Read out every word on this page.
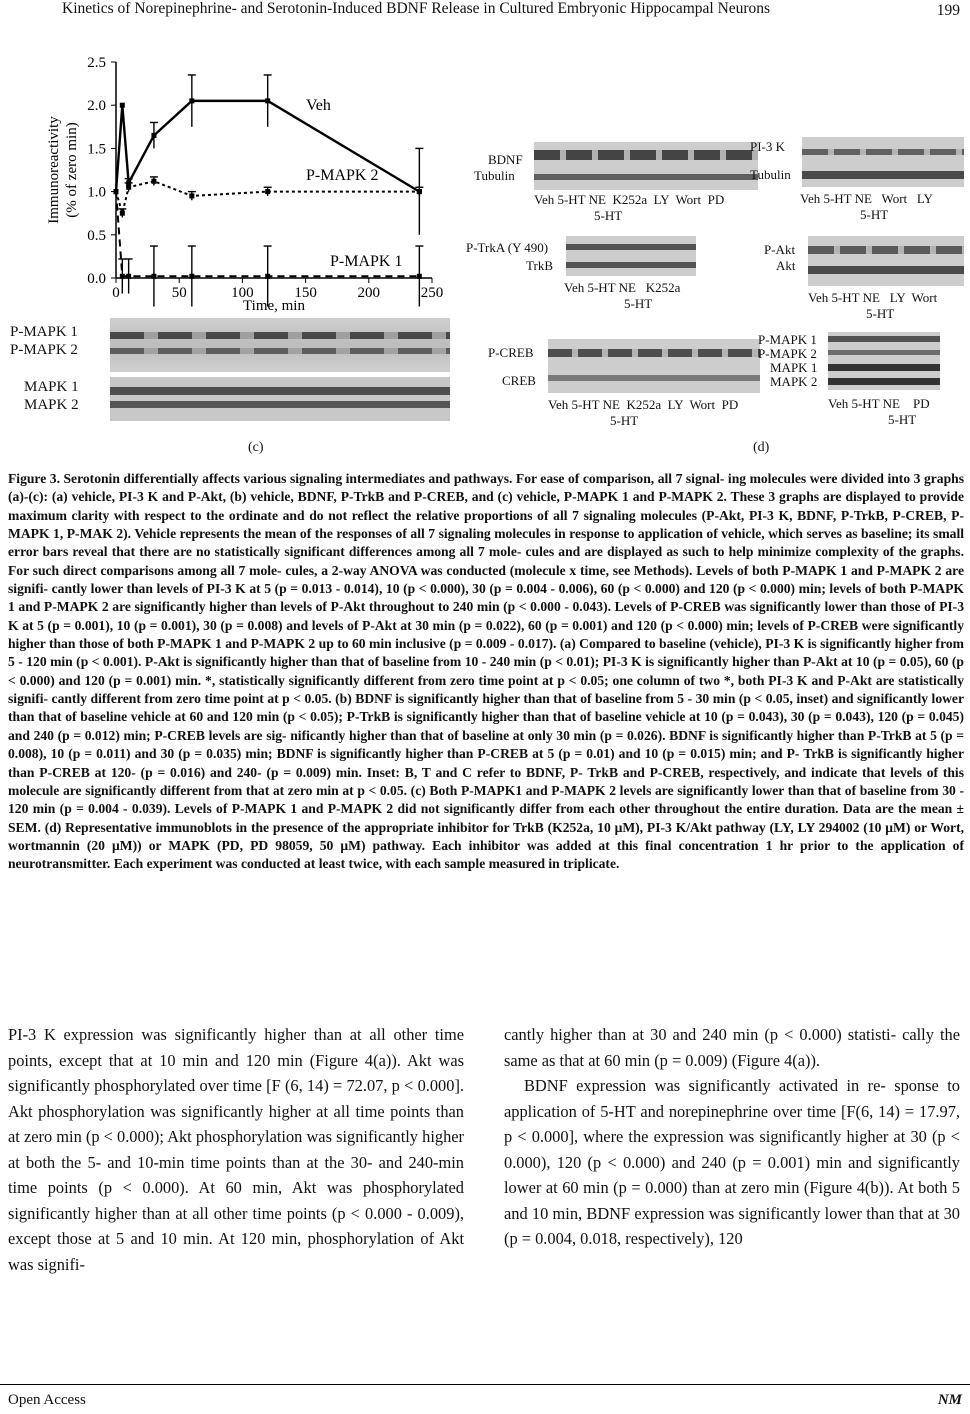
Kinetics of Norepinephrine- and Serotonin-Induced BDNF Release in Cultured Embryonic Hippocampal Neurons	199
0.0
0.5
1.0
1.5
2.0
2.5
0	50	100	150	200	250
Time, min
Immunoreactivity (% of zero min)
Veh
P-MAPK 2
P-MAPK 1
P-MAPK 1
P-MAPK 2
MAPK 1
MAPK 2
(c)
BDNF
Tubulin
Veh 5-HT NE  K252a  LY  Wort  PD
5-HT
PI-3 K
Tubulin
Veh 5-HT NE   Wort   LY
5-HT
P-TrkA (Y 490)
TrkB
Veh 5-HT NE   K252a
5-HT
P-Akt
Akt
Veh 5-HT NE   LY  Wort
5-HT
P-CREB
CREB
Veh 5-HT NE  K252a  LY  Wort  PD
5-HT
P-MAPK 1
P-MAPK 2
MAPK 1
MAPK 2
Veh 5-HT NE    PD
5-HT
(d)
Figure 3. Serotonin differentially affects various signaling intermediates and pathways. For ease of comparison, all 7 signal- ing molecules were divided into 3 graphs (a)-(c): (a) vehicle, PI-3 K and P-Akt, (b) vehicle, BDNF, P-TrkB and P-CREB, and (c) vehicle, P-MAPK 1 and P-MAPK 2. These 3 graphs are displayed to provide maximum clarity with respect to the ordinate and do not reflect the relative proportions of all 7 signaling molecules (P-Akt, PI-3 K, BDNF, P-TrkB, P-CREB, P-MAPK 1, P-MAK 2). Vehicle represents the mean of the responses of all 7 signaling molecules in response to application of vehicle, which serves as baseline; its small error bars reveal that there are no statistically significant differences among all 7 mole- cules and are displayed as such to help minimize complexity of the graphs. For such direct comparisons among all 7 mole- cules, a 2-way ANOVA was conducted (molecule x time, see Methods). Levels of both P-MAPK 1 and P-MAPK 2 are signifi- cantly lower than levels of PI-3 K at 5 (p = 0.013 - 0.014), 10 (p < 0.000), 30 (p = 0.004 - 0.006), 60 (p < 0.000) and 120 (p < 0.000) min; levels of both P-MAPK 1 and P-MAPK 2 are significantly higher than levels of P-Akt throughout to 240 min (p < 0.000 - 0.043). Levels of P-CREB was significantly lower than those of PI-3 K at 5 (p = 0.001), 10 (p = 0.001), 30 (p = 0.008) and levels of P-Akt at 30 min (p = 0.022), 60 (p = 0.001) and 120 (p < 0.000) min; levels of P-CREB were significantly higher than those of both P-MAPK 1 and P-MAPK 2 up to 60 min inclusive (p = 0.009 - 0.017). (a) Compared to baseline (vehicle), PI-3 K is significantly higher from 5 - 120 min (p < 0.001). P-Akt is significantly higher than that of baseline from 10 - 240 min (p < 0.01); PI-3 K is significantly higher than P-Akt at 10 (p = 0.05), 60 (p < 0.000) and 120 (p = 0.001) min. *, statistically significantly different from zero time point at p < 0.05; one column of two *, both PI-3 K and P-Akt are statistically signifi- cantly different from zero time point at p < 0.05. (b) BDNF is significantly higher than that of baseline from 5 - 30 min (p < 0.05, inset) and significantly lower than that of baseline vehicle at 60 and 120 min (p < 0.05); P-TrkB is significantly higher than that of baseline vehicle at 10 (p = 0.043), 30 (p = 0.043), 120 (p = 0.045) and 240 (p = 0.012) min; P-CREB levels are sig- nificantly higher than that of baseline at only 30 min (p = 0.026). BDNF is significantly higher than P-TrkB at 5 (p = 0.008), 10 (p = 0.011) and 30 (p = 0.035) min; BDNF is significantly higher than P-CREB at 5 (p = 0.01) and 10 (p = 0.015) min; and P- TrkB is significantly higher than P-CREB at 120- (p = 0.016) and 240- (p = 0.009) min. Inset: B, T and C refer to BDNF, P- TrkB and P-CREB, respectively, and indicate that levels of this molecule are significantly different from that at zero min at p < 0.05. (c) Both P-MAPK1 and P-MAPK 2 levels are significantly lower than that of baseline from 30 - 120 min (p = 0.004 - 0.039). Levels of P-MAPK 1 and P-MAPK 2 did not significantly differ from each other throughout the entire duration. Data are the mean ± SEM. (d) Representative immunoblots in the presence of the appropriate inhibitor for TrkB (K252a, 10 μM), PI-3 K/Akt pathway (LY, LY 294002 (10 μM) or Wort, wortmannin (20 μM)) or MAPK (PD, PD 98059, 50 μM) pathway. Each inhibitor was added at this final concentration 1 hr prior to the application of neurotransmitter. Each experiment was conducted at least twice, with each sample measured in triplicate.

PI-3 K expression was significantly higher than at all other time points, except that at 10 min and 120 min (Figure 4(a)). Akt was significantly phosphorylated over time [F (6, 14) = 72.07, p < 0.000]. Akt phosphorylation was significantly higher at all time points than at zero min (p < 0.000); Akt phosphorylation was significantly higher at both the 5- and 10-min time points than at the 30- and 240-min time points (p < 0.000). At 60 min, Akt was phosphorylated significantly higher than at all other time points (p < 0.000 - 0.009), except those at 5 and 10 min. At 120 min, phosphorylation of Akt was signifi-

cantly higher than at 30 and 240 min (p < 0.000) statisti- cally the same as that at 60 min (p = 0.009) (Figure 4(a)).

BDNF expression was significantly activated in re- sponse to application of 5-HT and norepinephrine over time [F(6, 14) = 17.97, p < 0.000], where the expression was significantly higher at 30 (p < 0.000), 120 (p < 0.000) and 240 (p = 0.001) min and significantly lower at 60 min (p = 0.000) than at zero min (Figure 4(b)). At both 5 and 10 min, BDNF expression was significantly lower than that at 30 (p = 0.004, 0.018, respectively), 120

Open Access	NM
